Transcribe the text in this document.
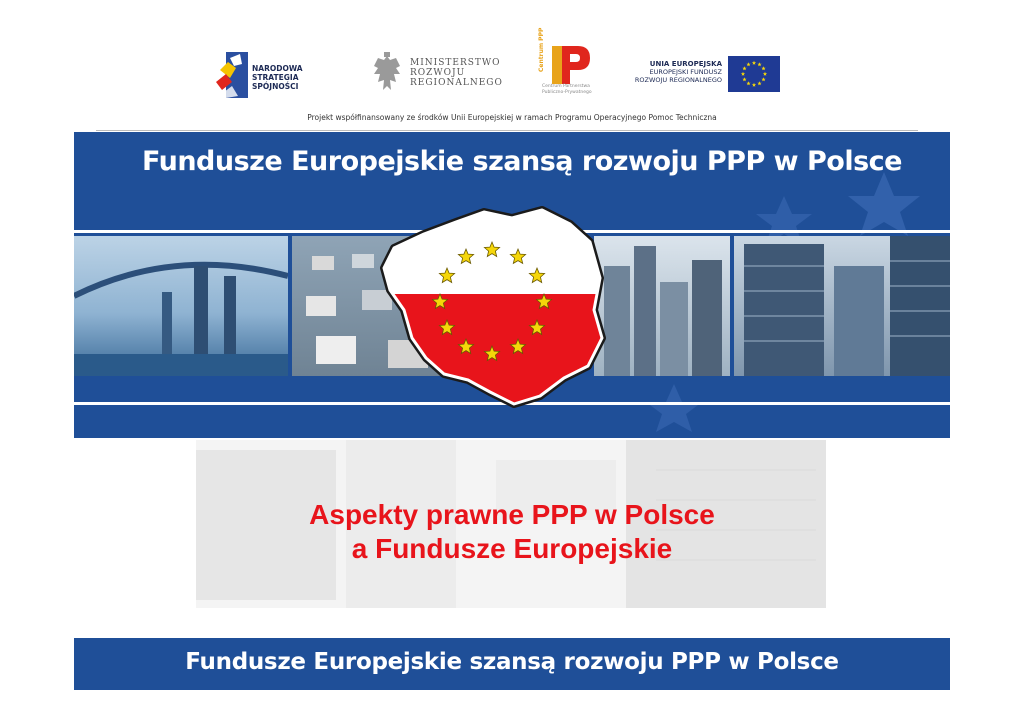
NARODOWA
STRATEGIA SPÓJNOŚCI
MINISTERSTWO
ROZWOJU
REGIONALNEGO
Centrum PPP
Centrum Partnerstwa
Publiczno-Prywatnego
UNIA EUROPEJSKA
EUROPEJSKI FUNDUSZ
ROZWOJU REGIONALNEGO
Projekt współfinansowany ze środków Unii Europejskiej w ramach Programu Operacyjnego Pomoc Techniczna
Fundusze Europejskie szansą rozwoju PPP w Polsce
Aspekty prawne PPP w Polsce
a Fundusze Europejskie
Fundusze Europejskie szansą rozwoju PPP w Polsce
